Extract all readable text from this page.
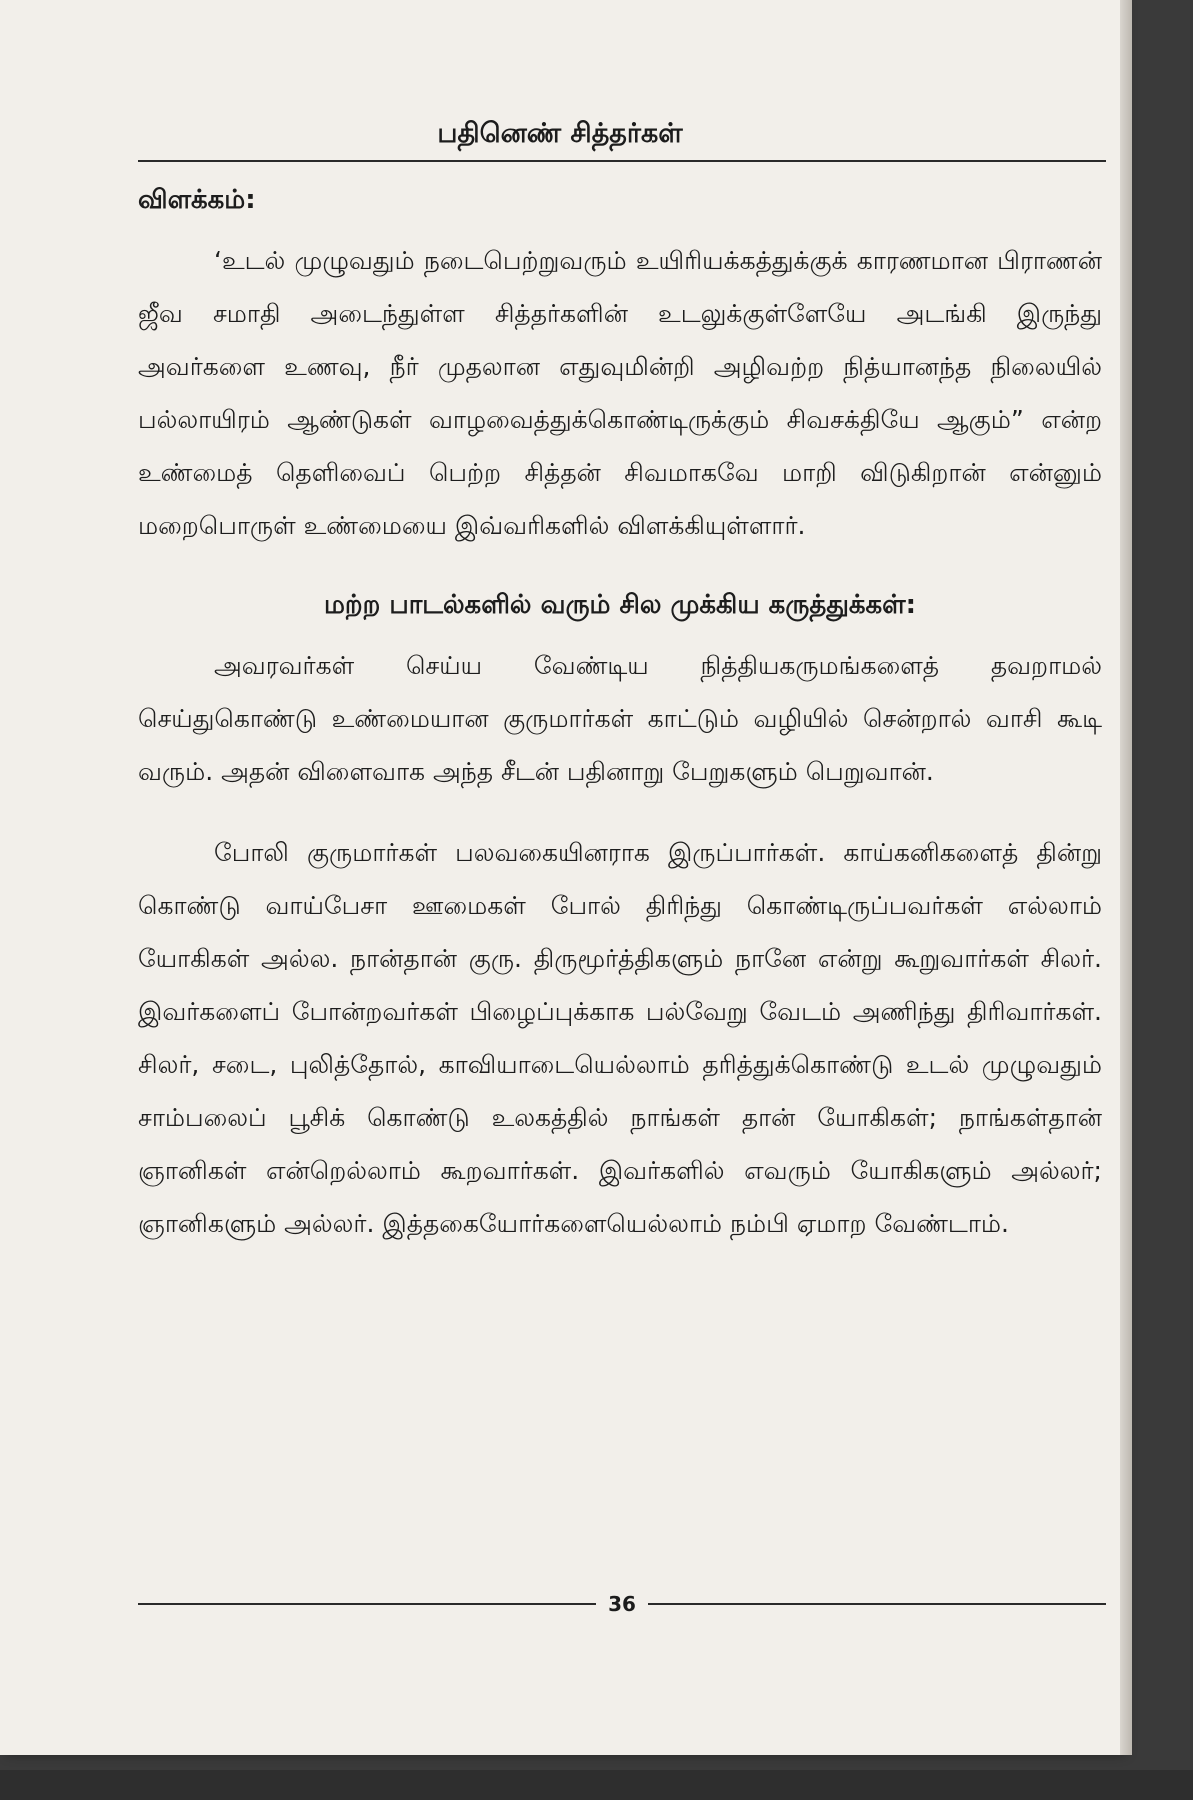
பதினெண் சித்தர்கள்
விளக்கம்:

‘உடல் முழுவதும் நடைபெற்றுவரும் உயிரியக்கத்துக்குக் காரணமான பிராணன் ஜீவ சமாதி அடைந்துள்ள சித்தர்களின் உடலுக்குள்ளேயே அடங்கி இருந்து அவர்களை உணவு, நீர் முதலான எதுவுமின்றி அழிவற்ற நித்யானந்த நிலையில் பல்லாயிரம் ஆண்டுகள் வாழவைத்துக்கொண்டிருக்கும் சிவசக்தியே ஆகும்” என்ற உண்மைத் தெளிவைப் பெற்ற சித்தன் சிவமாகவே மாறி விடுகிறான் என்னும் மறைபொருள் உண்மையை இவ்வரிகளில் விளக்கியுள்ளார்.

மற்ற பாடல்களில் வரும் சில முக்கிய கருத்துக்கள்:

அவரவர்கள் செய்ய வேண்டிய நித்தியகருமங்களைத் தவறாமல் செய்துகொண்டு உண்மையான குருமார்கள் காட்டும் வழியில் சென்றால் வாசி கூடி வரும். அதன் விளைவாக அந்த சீடன் பதினாறு பேறுகளும் பெறுவான்.

போலி குருமார்கள் பலவகையினராக இருப்பார்கள். காய்கனிகளைத் தின்று கொண்டு வாய்பேசா ஊமைகள் போல் திரிந்து கொண்டிருப்பவர்கள் எல்லாம் யோகிகள் அல்ல. நான்தான் குரு. திருமூர்த்திகளும் நானே என்று கூறுவார்கள் சிலர். இவர்களைப் போன்றவர்கள் பிழைப்புக்காக பல்வேறு வேடம் அணிந்து திரிவார்கள். சிலர், சடை, புலித்தோல், காவியாடையெல்லாம் தரித்துக்கொண்டு உடல் முழுவதும் சாம்பலைப் பூசிக் கொண்டு உலகத்தில் நாங்கள் தான் யோகிகள்; நாங்கள்தான் ஞானிகள் என்றெல்லாம் கூறவார்கள். இவர்களில் எவரும் யோகிகளும் அல்லர்; ஞானிகளும் அல்லர். இத்தகையோர்களையெல்லாம் நம்பி ஏமாற வேண்டாம்.

36
